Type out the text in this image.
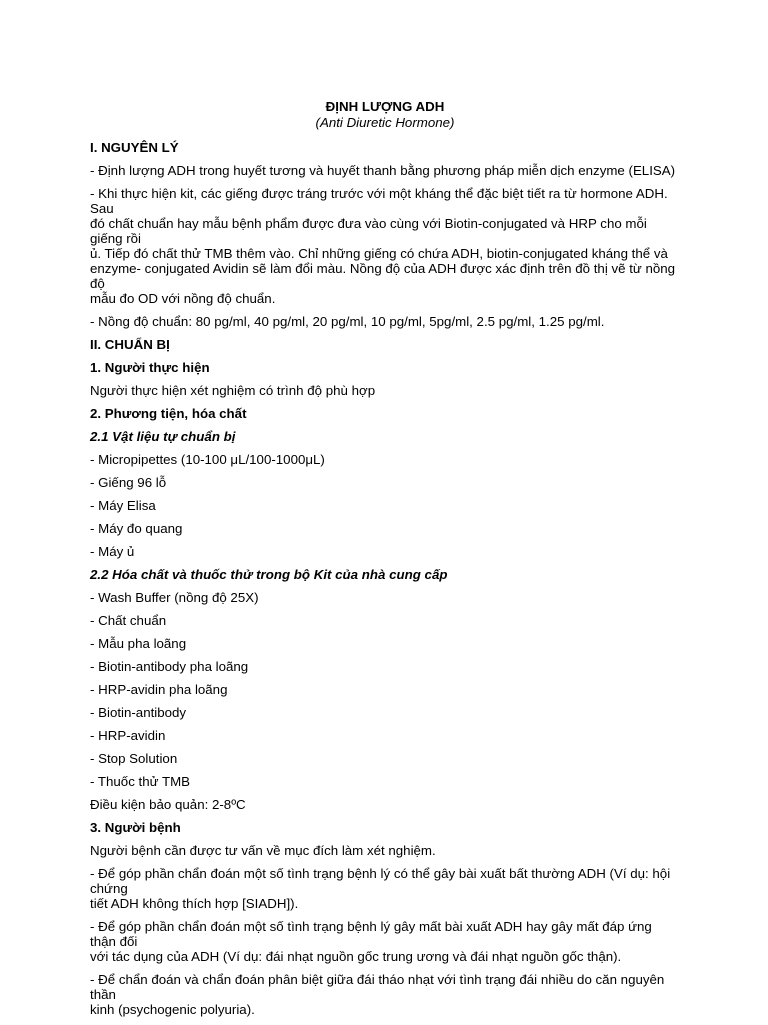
ĐỊNH LƯỢNG ADH
(Anti Diuretic Hormone)
I. NGUYÊN LÝ
- Định lượng ADH trong huyết tương và huyết thanh bằng phương pháp miễn dịch enzyme (ELISA)
- Khi thực hiện kit, các giếng được tráng trước với một kháng thể đặc biệt tiết ra từ hormone ADH. Sau
đó chất chuẩn hay mẫu bệnh phẩm được đưa vào cùng với Biotin-conjugated và HRP cho mỗi giếng rồi
ủ. Tiếp đó chất thử TMB thêm vào. Chỉ những giếng có chứa ADH, biotin-conjugated kháng thể và
enzyme- conjugated Avidin sẽ làm đổi màu. Nồng độ của ADH được xác định trên đồ thị vẽ từ nồng độ
mẫu đo OD với nồng độ chuẩn.
- Nồng độ chuẩn: 80 pg/ml, 40 pg/ml, 20 pg/ml, 10 pg/ml, 5pg/ml, 2.5 pg/ml, 1.25 pg/ml.
II. CHUẨN BỊ
1. Người thực hiện
Người thực hiện xét nghiệm có trình độ phù hợp
2. Phương tiện, hóa chất
2.1 Vật liệu tự chuẩn bị
- Micropipettes (10-100 μL/100-1000μL)
- Giếng 96 lỗ
- Máy Elisa
- Máy đo quang
- Máy ủ
2.2 Hóa chất và thuốc thử trong bộ Kit của nhà cung cấp
- Wash Buffer (nồng độ 25X)
- Chất chuẩn
- Mẫu pha loãng
- Biotin-antibody pha loãng
- HRP-avidin pha loãng
- Biotin-antibody
- HRP-avidin
- Stop Solution
- Thuốc thử TMB
Điều kiện bảo quản: 2-8ºC
3. Người bệnh
Người bệnh cần được tư vấn về mục đích làm xét nghiệm.
- Để góp phần chẩn đoán một số tình trạng bệnh lý có thể gây bài xuất bất thường ADH (Ví dụ: hội chứng
tiết ADH không thích hợp [SIADH]).
- Để góp phần chẩn đoán một số tình trạng bệnh lý gây mất bài xuất ADH hay gây mất đáp ứng thận đối
với tác dụng của ADH (Ví dụ: đái nhạt nguồn gốc trung ương và đái nhạt nguồn gốc thận).
- Để chẩn đoán và chẩn đoán phân biệt giữa đái tháo nhạt với tình trạng đái nhiều do căn nguyên thần
kinh (psychogenic polyuria).
